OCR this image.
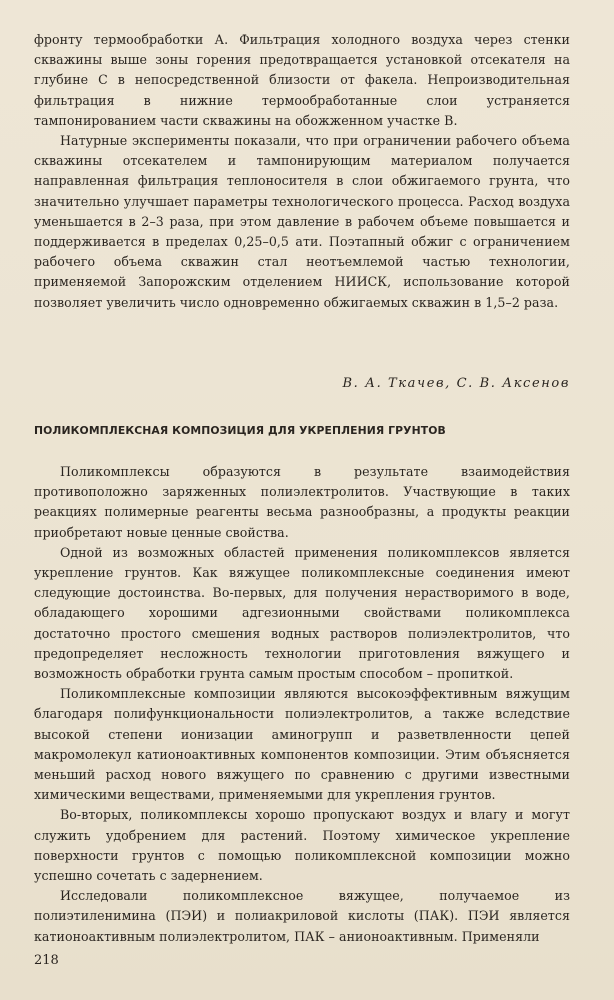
фронту термообработки А. Фильтрация холодного воздуха через стенки скважины выше зоны горения предотвращается установкой отсекателя на глубине С в непосредственной близости от факела. Непроизводительная фильтрация в нижние термообработанные слои устраняется тампонированием части скважины на обожженном участке В.

Натурные эксперименты показали, что при ограничении рабочего объема скважины отсекателем и тампонирующим материалом получается направленная фильтрация теплоносителя в слои обжигаемого грунта, что значительно улучшает параметры технологического процесса. Расход воздуха уменьшается в 2–3 раза, при этом давление в рабочем объеме повышается и поддерживается в пределах 0,25–0,5 ати. Поэтапный обжиг с ограничением рабочего объема скважин стал неотъемлемой частью технологии, применяемой Запорожским отделением НИИСК, использование которой позволяет увеличить число одновременно обжигаемых скважин в 1,5–2 раза.

В. А. Ткачев, С. В. Аксенов
ПОЛИКОМПЛЕКСНАЯ КОМПОЗИЦИЯ ДЛЯ УКРЕПЛЕНИЯ ГРУНТОВ

Поликомплексы образуются в результате взаимодействия противоположно заряженных полиэлектролитов. Участвующие в таких реакциях полимерные реагенты весьма разнообразны, а продукты реакции приобретают новые ценные свойства.

Одной из возможных областей применения поликомплексов является укрепление грунтов. Как вяжущее поликомплексные соединения имеют следующие достоинства. Во-первых, для получения нерастворимого в воде, обладающего хорошими адгезионными свойствами поликомплекса достаточно простого смешения водных растворов полиэлектролитов, что предопределяет несложность технологии приготовления вяжущего и возможность обработки грунта самым простым способом – пропиткой.

Поликомплексные композиции являются высокоэффективным вяжущим благодаря полифункциональности полиэлектролитов, а также вследствие высокой степени ионизации аминогрупп и разветвленности цепей макромолекул катионоактивных компонентов композиции. Этим объясняется меньший расход нового вяжущего по сравнению с другими известными химическими веществами, применяемыми для укрепления грунтов.

Во-вторых, поликомплексы хорошо пропускают воздух и влагу и могут служить удобрением для растений. Поэтому химическое укрепление поверхности грунтов с помощью поликомплексной композиции можно успешно сочетать с задернением.

Исследовали поликомплексное вяжущее, получаемое из полиэтиленимина (ПЭИ) и полиакриловой кислоты (ПАК). ПЭИ является катионоактивным полиэлектролитом, ПАК – анионоактивным. Применяли

218
